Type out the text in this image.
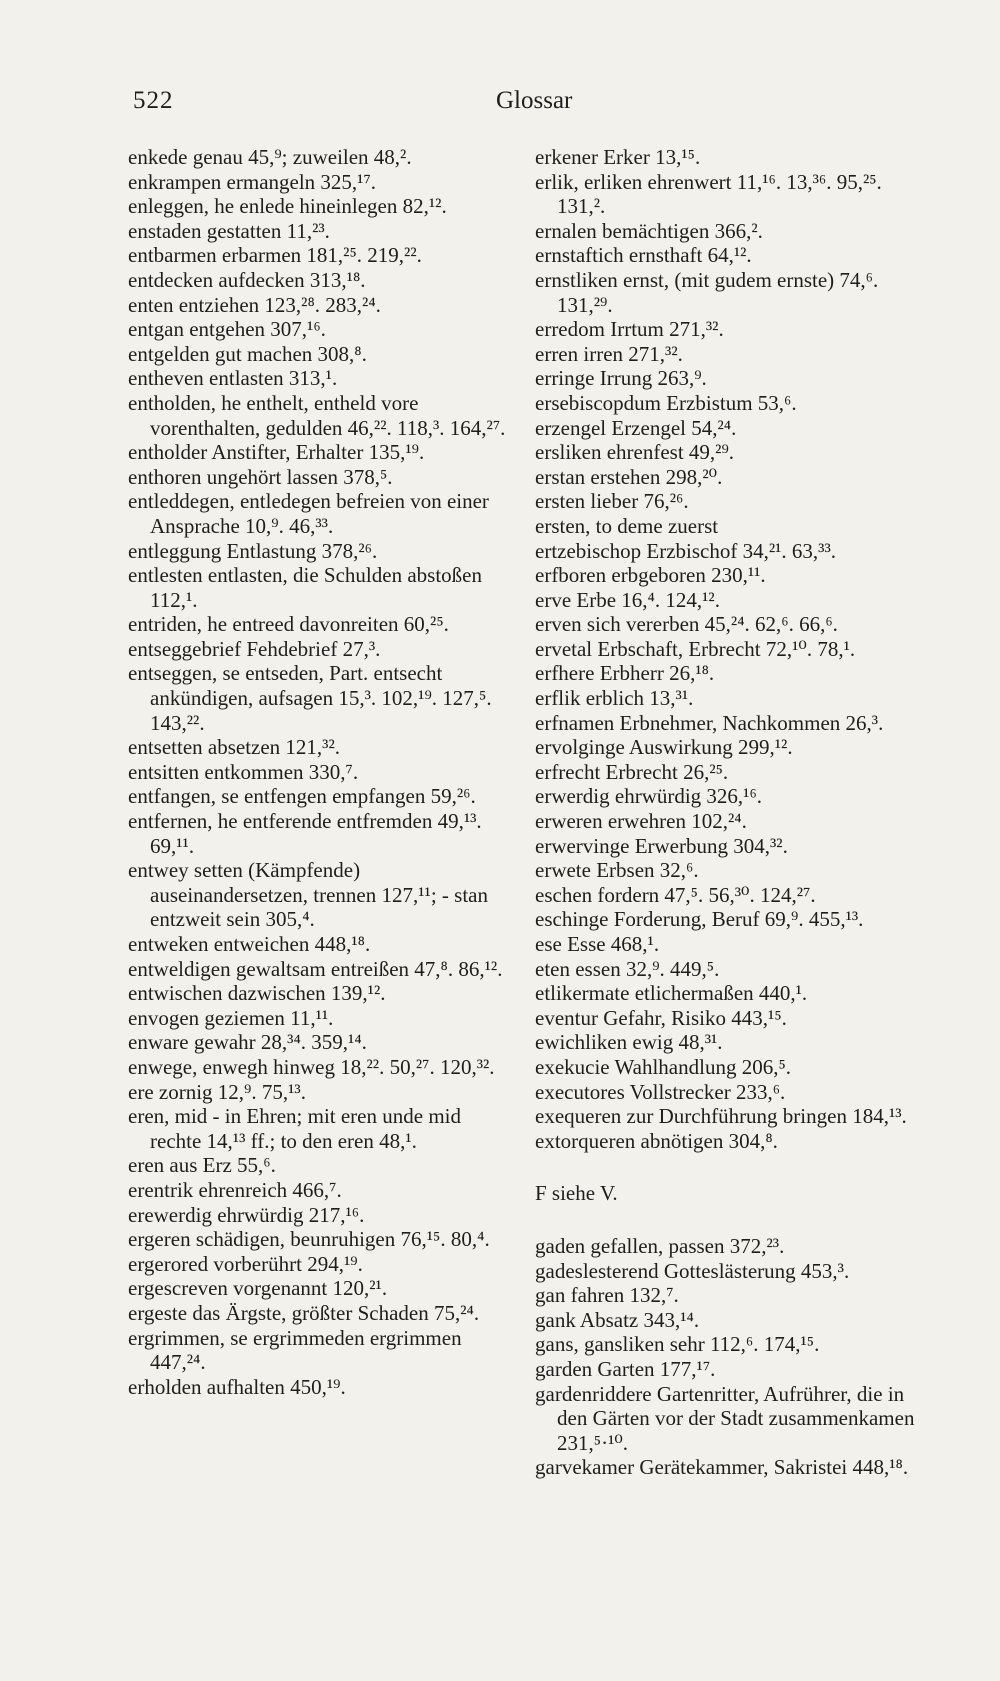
522	Glossar
enkede genau 45,⁹; zuweilen 48,².
enkrampen ermangeln 325,¹⁷.
enleggen, he enlede hineinlegen 82,¹².
enstaden gestatten 11,²³.
entbarmen erbarmen 181,²⁵. 219,²².
entdecken aufdecken 313,¹⁸.
enten entziehen 123,²⁸. 283,²⁴.
entgan entgehen 307,¹⁶.
entgelden gut machen 308,⁸.
entheven entlasten 313,¹.
entholden, he enthelt, entheld vore vorenthalten, gedulden 46,²². 118,³. 164,²⁷.
entholder Anstifter, Erhalter 135,¹⁹.
enthoren ungehört lassen 378,⁵.
entleddegen, entledegen befreien von einer Ansprache 10,⁹. 46,³³.
entleggung Entlastung 378,²⁶.
entlesten entlasten, die Schulden abstoßen 112,¹.
entriden, he entreed davonreiten 60,²⁵.
entseggebrief Fehdebrief 27,³.
entseggen, se entseden, Part. entsecht ankündigen, aufsagen 15,³. 102,¹⁹. 127,⁵. 143,²².
entsetten absetzen 121,³².
entsitten entkommen 330,⁷.
entfangen, se entfengen empfangen 59,²⁶.
entfernen, he entferende entfremden 49,¹³. 69,¹¹.
entwey setten (Kämpfende) auseinandersetzen, trennen 127,¹¹; - stan entzweit sein 305,⁴.
entweken entweichen 448,¹⁸.
entweldigen gewaltsam entreißen 47,⁸. 86,¹².
entwischen dazwischen 139,¹².
envogen geziemen 11,¹¹.
enware gewahr 28,³⁴. 359,¹⁴.
enwege, enwegh hinweg 18,²². 50,²⁷. 120,³².
ere zornig 12,⁹. 75,¹³.
eren, mid - in Ehren; mit eren unde mid rechte 14,¹³ ff.; to den eren 48,¹.
eren aus Erz 55,⁶.
erentrik ehrenreich 466,⁷.
erewerdig ehrwürdig 217,¹⁶.
ergeren schädigen, beunruhigen 76,¹⁵. 80,⁴.
ergerored vorberührt 294,¹⁹.
ergescreven vorgenannt 120,²¹.
ergeste das Ärgste, größter Schaden 75,²⁴.
ergrimmen, se ergrimmeden ergrimmen 447,²⁴.
erholden aufhalten 450,¹⁹.
erkener Erker 13,¹⁵.
erlik, erliken ehrenwert 11,¹⁶. 13,³⁶. 95,²⁵. 131,².
ernalen bemächtigen 366,².
ernstaftich ernsthaft 64,¹².
ernstliken ernst, (mit gudem ernste) 74,⁶. 131,²⁹.
erredom Irrtum 271,³².
erren irren 271,³².
erringe Irrung 263,⁹.
ersebiscopdum Erzbistum 53,⁶.
erzengel Erzengel 54,²⁴.
ersliken ehrenfest 49,²⁹.
erstan erstehen 298,²⁰.
ersten lieber 76,²⁶.
ersten, to deme zuerst
ertzebischop Erzbischof 34,²¹. 63,³³.
erfboren erbgeboren 230,¹¹.
erve Erbe 16,⁴. 124,¹².
erven sich vererben 45,²⁴. 62,⁶. 66,⁶.
ervetal Erbschaft, Erbrecht 72,¹⁰. 78,¹.
erfhere Erbherr 26,¹⁸.
erflik erblich 13,³¹.
erfnamen Erbnehmer, Nachkommen 26,³.
ervolginge Auswirkung 299,¹².
erfrecht Erbrecht 26,²⁵.
erwerdig ehrwürdig 326,¹⁶.
erweren erwehren 102,²⁴.
erwervinge Erwerbung 304,³².
erwete Erbsen 32,⁶.
eschen fordern 47,⁵. 56,³⁰. 124,²⁷.
eschinge Forderung, Beruf 69,⁹. 455,¹³.
ese Esse 468,¹.
eten essen 32,⁹. 449,⁵.
etlikermate etlichermaßen 440,¹.
eventur Gefahr, Risiko 443,¹⁵.
ewichliken ewig 48,³¹.
exekucie Wahlhandlung 206,⁵.
executores Vollstrecker 233,⁶.
exequeren zur Durchführung bringen 184,¹³.
extorqueren abnötigen 304,⁸.
F siehe V.
gaden gefallen, passen 372,²³.
gadeslesterend Gotteslästerung 453,³.
gan fahren 132,⁷.
gank Absatz 343,¹⁴.
gans, gansliken sehr 112,⁶. 174,¹⁵.
garden Garten 177,¹⁷.
gardenriddere Gartenritter, Aufrührer, die in den Gärten vor der Stadt zusammenkamen 231,⁵·¹⁰.
garvekamer Gerätekammer, Sakristei 448,¹⁸.
